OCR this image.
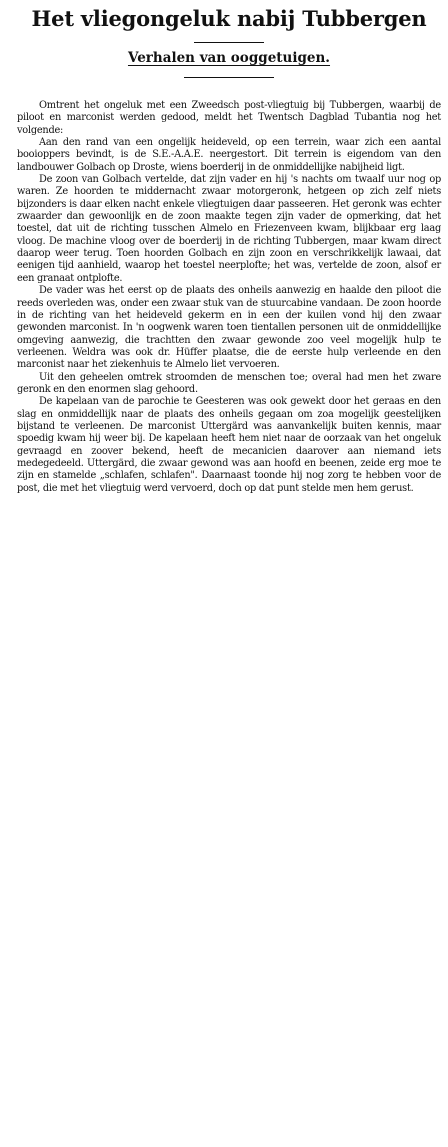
Het vliegongeluk nabij Tubbergen
Verhalen van ooggetuigen.

Omtrent het ongeluk met een Zweedsch post-vliegtuig bij Tubbergen, waarbij de piloot en marconist werden gedood, meldt het Twentsch Dagblad Tubantia nog het volgende:

Aan den rand van een ongelijk heideveld, op een terrein, waar zich een aantal booioppers bevindt, is de S.E.-A.A.E. neergestort. Dit terrein is eigendom van den landbouwer Golbach op Droste, wiens boerderij in de onmiddellijke nabijheid ligt.

De zoon van Golbach vertelde, dat zijn vader en hij 's nachts om twaalf uur nog op waren. Ze hoorden te middernacht zwaar motorgeronk, hetgeen op zich zelf niets bijzonders is daar elken nacht enkele vliegtuigen daar passeeren. Het geronk was echter zwaarder dan gewoonlijk en de zoon maakte tegen zijn vader de opmerking, dat het toestel, dat uit de richting tusschen Almelo en Friezenveen kwam, blijkbaar erg laag vloog. De machine vloog over de boerderij in de richting Tubbergen, maar kwam direct daarop weer terug. Toen hoorden Golbach en zijn zoon en verschrikkelijk lawaai, dat eenigen tijd aanhield, waarop het toestel neerplofte; het was, vertelde de zoon, alsof er een granaat ontplofte.

De vader was het eerst op de plaats des onheils aanwezig en haalde den piloot die reeds overleden was, onder een zwaar stuk van de stuurcabine vandaan. De zoon hoorde in de richting van het heideveld gekerm en in een der kuilen vond hij den zwaar gewonden marconist. In 'n oogwenk waren toen tientallen personen uit de onmiddellijke omgeving aanwezig, die trachtten den zwaar gewonde zoo veel mogelijk hulp te verleenen. Weldra was ook dr. Hüffer plaatse, die de eerste hulp verleende en den marconist naar het ziekenhuis te Almelo liet vervoeren.

Uit den geheelen omtrek stroomden de menschen toe; overal had men het zware geronk en den enormen slag gehoord.

De kapelaan van de parochie te Geesteren was ook gewekt door het geraas en den slag en onmiddellijk naar de plaats des onheils gegaan om zoa mogelijk geestelijken bijstand te verleenen. De marconist Uttergärd was aanvankelijk buiten kennis, maar spoedig kwam hij weer bij. De kapelaan heeft hem niet naar de oorzaak van het ongeluk gevraagd en zoover bekend, heeft de mecanicien daarover aan niemand iets medegedeeld. Uttergärd, die zwaar gewond was aan hoofd en beenen, zeide erg moe te zijn en stamelde „schlafen, schlafen". Daarnaast toonde hij nog zorg te hebben voor de post, die met het vliegtuig werd vervoerd, doch op dat punt stelde men hem gerust.
